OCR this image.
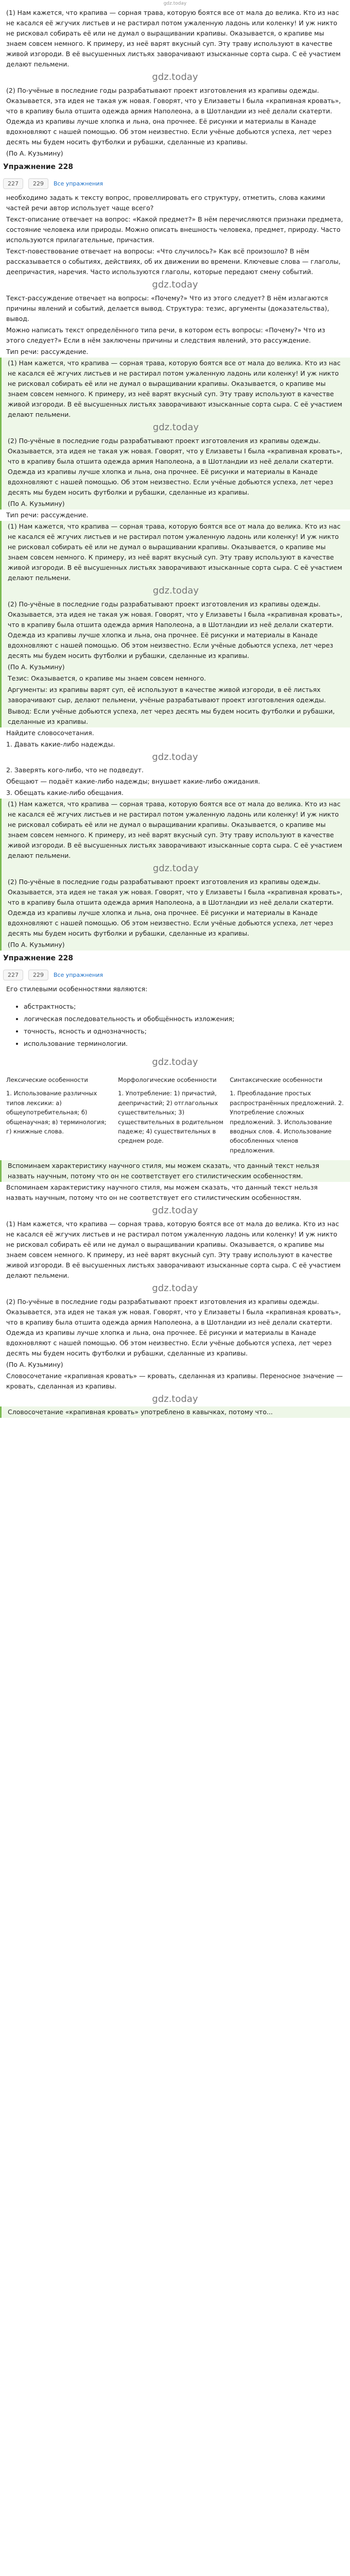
gdz.today

(1) Нам кажется, что крапива — сорная трава, которую боятся все от мала до велика. Кто из нас не касался её жгучих листьев и не растирал потом ужаленную ладонь или коленку! И уж никто не рисковал собирать её или не думал о выращивании крапивы. Оказывается, о крапиве мы знаем совсем немного. К примеру, из неё варят вкусный суп. Эту траву используют в качестве живой изгороди. В её высушенных листьях заворачивают изысканные сорта сыра. С её участием делают пельмени.

gdz.today

(2) По-учёные в последние годы разрабатывают проект изготовления из крапивы одежды. Оказывается, эта идея не такая уж новая. Говорят, что у Елизаветы I была «крапивная кровать», что в крапиву была отшита одежда армия Наполеона, а в Шотландии из неё делали скатерти. Одежда из крапивы лучше хлопка и льна, она прочнее. Её рисунки и материалы в Канаде вдохновляют с нашей помощью. Об этом неизвестно. Если учёные добьются успеха, лет через десять мы будем носить футболки и рубашки, сделанные из крапивы.

(По А. Кузьмину)

Упражнение 228
227	229	Все упражнения

необходимо задать к тексту вопрос, провеллировать его структуру, отметить, слова какими частей речи автор использует чаще всего?

Текст-описание отвечает на вопрос: «Какой предмет?» В нём перечисляются признаки предмета, состояние человека или природы. Можно описать внешность человека, предмет, природу. Часто используются прилагательные, причастия.

Текст-повествование отвечает на вопросы: «Что случилось?» Как всё произошло? В нём рассказывается о событиях, действиях, об их движении во времени. Ключевые слова — глаголы, деепричастия, наречия. Часто используются глаголы, которые передают смену событий.

gdz.today

Текст-рассуждение отвечает на вопросы: «Почему?» Что из этого следует? В нём излагаются причины явлений и событий, делается вывод. Структура: тезис, аргументы (доказательства), вывод.

Можно написать текст определённого типа речи, в котором есть вопросы: «Почему?» Что из этого следует?» Если в нём заключены причины и следствия явлений, это рассуждение.

Тип речи: рассуждение.

(1) Нам кажется, что крапива — сорная трава, которую боятся все от мала до велика. Кто из нас не касался её жгучих листьев и не растирал потом ужаленную ладонь или коленку! И уж никто не рисковал собирать её или не думал о выращивании крапивы. Оказывается, о крапиве мы знаем совсем немного. К примеру, из неё варят вкусный суп. Эту траву используют в качестве живой изгороди. В её высушенных листьях заворачивают изысканные сорта сыра. С её участием делают пельмени.

gdz.today

(2) По-учёные в последние годы разрабатывают проект изготовления из крапивы одежды. Оказывается, эта идея не такая уж новая. Говорят, что у Елизаветы I была «крапивная кровать», что в крапиву была отшита одежда армия Наполеона, а в Шотландии из неё делали скатерти. Одежда из крапивы лучше хлопка и льна, она прочнее. Её рисунки и материалы в Канаде вдохновляют с нашей помощью. Об этом неизвестно. Если учёные добьются успеха, лет через десять мы будем носить футболки и рубашки, сделанные из крапивы.

(По А. Кузьмину)

Тип речи: рассуждение.

(1) Нам кажется, что крапива — сорная трава, которую боятся все от мала до велика. Кто из нас не касался её жгучих листьев и не растирал потом ужаленную ладонь или коленку! И уж никто не рисковал собирать её или не думал о выращивании крапивы. Оказывается, о крапиве мы знаем совсем немного. К примеру, из неё варят вкусный суп. Эту траву используют в качестве живой изгороди. В её высушенных листьях заворачивают изысканные сорта сыра. С её участием делают пельмени.

gdz.today

(2) По-учёные в последние годы разрабатывают проект изготовления из крапивы одежды. Оказывается, эта идея не такая уж новая. Говорят, что у Елизаветы I была «крапивная кровать», что в крапиву была отшита одежда армия Наполеона, а в Шотландии из неё делали скатерти. Одежда из крапивы лучше хлопка и льна, она прочнее. Её рисунки и материалы в Канаде вдохновляют с нашей помощью. Об этом неизвестно. Если учёные добьются успеха, лет через десять мы будем носить футболки и рубашки, сделанные из крапивы.

(По А. Кузьмину)

Тезис: Оказывается, о крапиве мы знаем совсем немного.

Аргументы: из крапивы варят суп, её используют в качестве живой изгороди, в её листьях заворачивают сыр, делают пельмени, учёные разрабатывают проект изготовления одежды.

Вывод: Если учёные добьются успеха, лет через десять мы будем носить футболки и рубашки, сделанные из крапивы.

Найдите словосочетания.

1. Давать какие-либо надежды.

gdz.today

2. Заверять кого-либо, что не подведут.

Обещают — подаёт какие-либо надежды; внушает какие-либо ожидания.

3. Обещать какие-либо обещания.

(1) Нам кажется, что крапива — сорная трава, которую боятся все от мала до велика. Кто из нас не касался её жгучих листьев и не растирал потом ужаленную ладонь или коленку! И уж никто не рисковал собирать её или не думал о выращивании крапивы. Оказывается, о крапиве мы знаем совсем немного. К примеру, из неё варят вкусный суп. Эту траву используют в качестве живой изгороди. В её высушенных листьях заворачивают изысканные сорта сыра. С её участием делают пельмени.

gdz.today

(2) По-учёные в последние годы разрабатывают проект изготовления из крапивы одежды. Оказывается, эта идея не такая уж новая. Говорят, что у Елизаветы I была «крапивная кровать», что в крапиву была отшита одежда армия Наполеона, а в Шотландии из неё делали скатерти. Одежда из крапивы лучше хлопка и льна, она прочнее. Её рисунки и материалы в Канаде вдохновляют с нашей помощью. Об этом неизвестно. Если учёные добьются успеха, лет через десять мы будем носить футболки и рубашки, сделанные из крапивы.

(По А. Кузьмину)

Упражнение 228
227	229	Все упражнения

Его стилевыми особенностями являются:

• абстрактность;
• логическая последовательность и обобщённость изложения;
• точность, ясность и однозначность;
• использование терминологии.
gdz.today
Лексические особенности	Морфологические особенности	Синтаксические особенности
1. Использование различных типов лексики: а) общеупотребительная; б) общенаучная; в) терминология; г) книжные слова.	1. Употребление: 1) причастий, деепричастий; 2) отглагольных существительных; 3) существительных в родительном падеже; 4) существительных в среднем роде.	1. Преобладание простых распространённых предложений. 2. Употребление сложных предложений. 3. Использование вводных слов. 4. Использование обособленных членов предложения.

Вспоминаем характеристику научного стиля, мы можем сказать, что данный текст нельзя назвать научным, потому что он не соответствует его стилистическим особенностям.

Вспоминаем характеристику научного стиля, мы можем сказать, что данный текст нельзя назвать научным, потому что он не соответствует его стилистическим особенностям.

gdz.today

(1) Нам кажется, что крапива — сорная трава, которую боятся все от мала до велика. Кто из нас не касался её жгучих листьев и не растирал потом ужаленную ладонь или коленку! И уж никто не рисковал собирать её или не думал о выращивании крапивы. Оказывается, о крапиве мы знаем совсем немного. К примеру, из неё варят вкусный суп. Эту траву используют в качестве живой изгороди. В её высушенных листьях заворачивают изысканные сорта сыра. С её участием делают пельмени.

gdz.today

(2) По-учёные в последние годы разрабатывают проект изготовления из крапивы одежды. Оказывается, эта идея не такая уж новая. Говорят, что у Елизаветы I была «крапивная кровать», что в крапиву была отшита одежда армия Наполеона, а в Шотландии из неё делали скатерти. Одежда из крапивы лучше хлопка и льна, она прочнее. Её рисунки и материалы в Канаде вдохновляют с нашей помощью. Об этом неизвестно. Если учёные добьются успеха, лет через десять мы будем носить футболки и рубашки, сделанные из крапивы.

(По А. Кузьмину)

Словосочетание «крапивная кровать» — кровать, сделанная из крапивы. Переносное значение — кровать, сделанная из крапивы.

gdz.today

Словосочетание «крапивная кровать» употреблено в кавычках, потому что...
